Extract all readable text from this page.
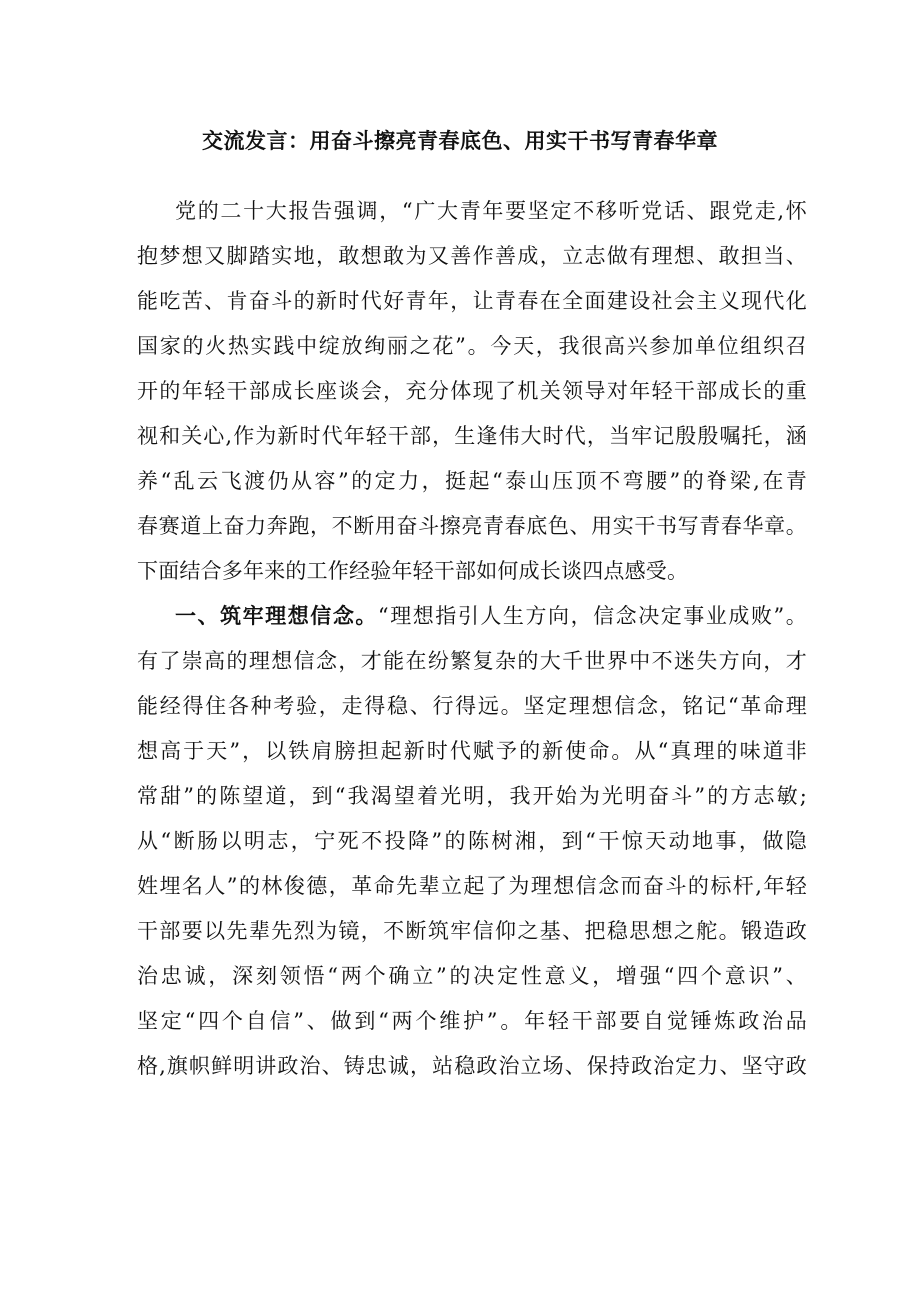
交流发言：用奋斗擦亮青春底色、用实干书写青春华章
党的二十大报告强调，“广大青年要坚定不移听党话、跟党走,怀
抱梦想又脚踏实地，敢想敢为又善作善成，立志做有理想、敢担当、
能吃苦、肯奋斗的新时代好青年，让青春在全面建设社会主义现代化
国家的火热实践中绽放绚丽之花”。今天，我很高兴参加单位组织召
开的年轻干部成长座谈会，充分体现了机关领导对年轻干部成长的重
视和关心,作为新时代年轻干部，生逢伟大时代，当牢记殷殷嘱托，涵
养“乱云飞渡仍从容”的定力，挺起“泰山压顶不弯腰”的脊梁,在青
春赛道上奋力奔跑，不断用奋斗擦亮青春底色、用实干书写青春华章。
下面结合多年来的工作经验年轻干部如何成长谈四点感受。
一、筑牢理想信念。“理想指引人生方向，信念决定事业成败”。
有了崇高的理想信念，才能在纷繁复杂的大千世界中不迷失方向，才
能经得住各种考验，走得稳、行得远。坚定理想信念，铭记“革命理
想高于天”，以铁肩膀担起新时代赋予的新使命。从“真理的味道非
常甜”的陈望道，到“我渴望着光明，我开始为光明奋斗”的方志敏;
从“断肠以明志，宁死不投降”的陈树湘，到“干惊天动地事，做隐
姓埋名人”的林俊德，革命先辈立起了为理想信念而奋斗的标杆,年轻
干部要以先辈先烈为镜，不断筑牢信仰之基、把稳思想之舵。锻造政
治忠诚，深刻领悟“两个确立”的决定性意义，增强“四个意识”、
坚定“四个自信”、做到“两个维护”。年轻干部要自觉锤炼政治品
格,旗帜鲜明讲政治、铸忠诚，站稳政治立场、保持政治定力、坚守政
